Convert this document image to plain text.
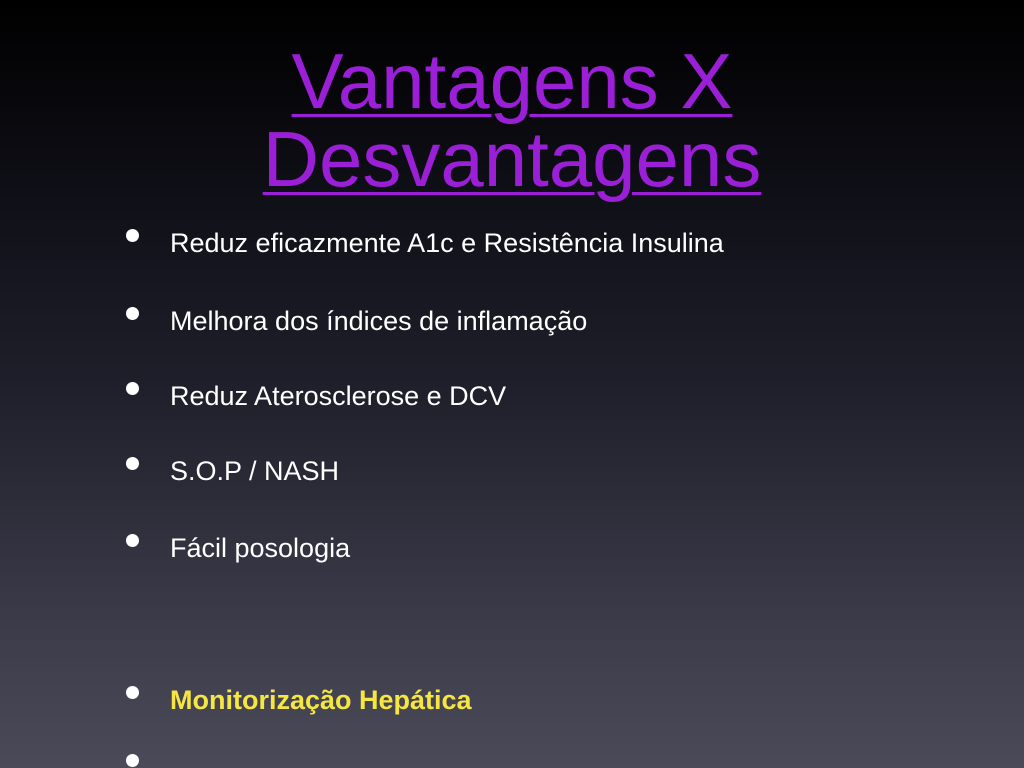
Vantagens X
Desvantagens
Reduz eficazmente A1c e Resistência Insulina
Melhora dos índices de inflamação
Reduz Aterosclerose e DCV
S.O.P / NASH
Fácil posologia
Monitorização Hepática
